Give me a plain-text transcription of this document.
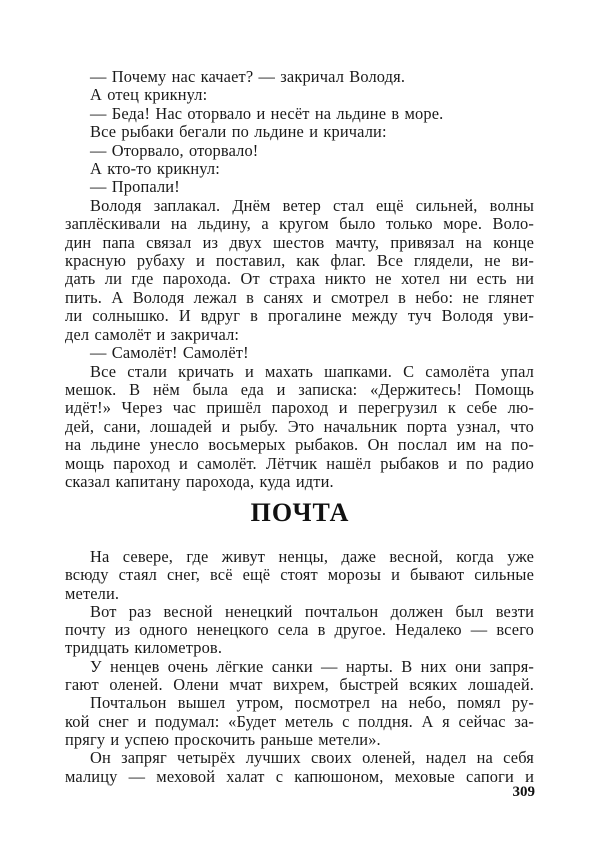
— Почему нас качает? — закричал Володя.
А отец крикнул:
— Беда! Нас оторвало и несёт на льдине в море.
Все рыбаки бегали по льдине и кричали:
— Оторвало, оторвало!
А кто-то крикнул:
— Пропали!
Володя заплакал. Днём ветер стал ещё сильней, волны
заплёскивали на льдину, а кругом было только море. Воло-
дин папа связал из двух шестов мачту, привязал на конце
красную рубаху и поставил, как флаг. Все глядели, не ви-
дать ли где парохода. От страха никто не хотел ни есть ни
пить. А Володя лежал в санях и смотрел в небо: не глянет
ли солнышко. И вдруг в прогалине между туч Володя уви-
дел самолёт и закричал:
— Самолёт! Самолёт!
Все стали кричать и махать шапками. С самолёта упал
мешок. В нём была еда и записка: «Держитесь! Помощь
идёт!» Через час пришёл пароход и перегрузил к себе лю-
дей, сани, лошадей и рыбу. Это начальник порта узнал, что
на льдине унесло восьмерых рыбаков. Он послал им на по-
мощь пароход и самолёт. Лётчик нашёл рыбаков и по радио
сказал капитану парохода, куда идти.
ПОЧТА
На севере, где живут ненцы, даже весной, когда уже
всюду стаял снег, всё ещё стоят морозы и бывают сильные
метели.
Вот раз весной ненецкий почтальон должен был везти
почту из одного ненецкого села в другое. Недалеко — всего
тридцать километров.
У ненцев очень лёгкие санки — нарты. В них они запря-
гают оленей. Олени мчат вихрем, быстрей всяких лошадей.
Почтальон вышел утром, посмотрел на небо, помял ру-
кой снег и подумал: «Будет метель с полдня. А я сейчас за-
прягу и успею проскочить раньше метели».
Он запряг четырёх лучших своих оленей, надел на себя
малицу — меховой халат с капюшоном, меховые сапоги и
309
